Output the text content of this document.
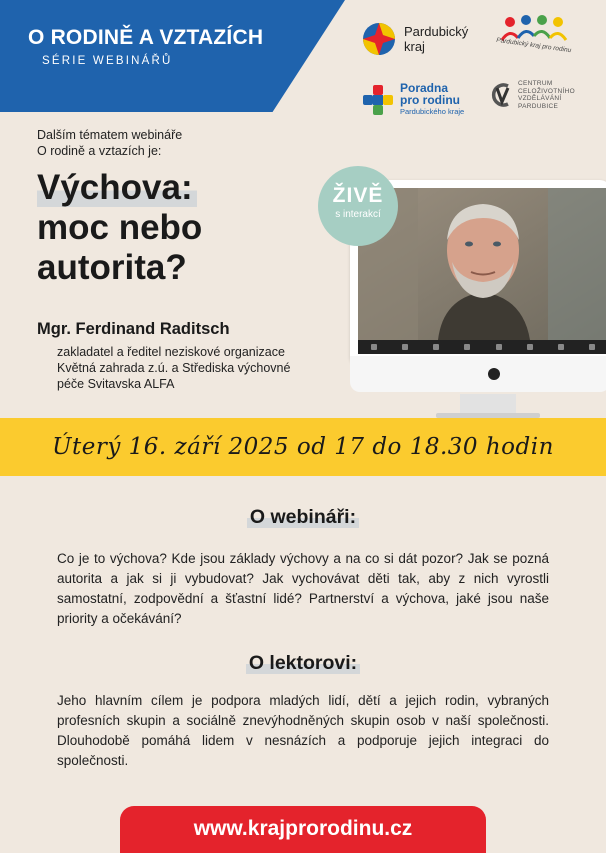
O RODINĚ A VZTAZÍCH
SÉRIE WEBINÁŘŮ
Pardubický
kraj	Pardubický kraj pro rodinu
Poradna
pro rodinu
Pardubického kraje
CENTRUM CELOŽIVOTNÍHO VZDĚLÁVÁNÍ PARDUBICE
Dalším tématem webináře
O rodině a vztazích je:
Výchova:
moc nebo
autorita?
Mgr. Ferdinand Raditsch
zakladatel a ředitel neziskové organizace
Květná zahrada z.ú. a Střediska výchovné
péče Svitavska ALFA
ŽIVĚ
s interakcí
Úterý 16. září 2025 od 17 do 18.30 hodin
O webináři:
Co je to výchova? Kde jsou základy výchovy a na co si dát pozor? Jak se pozná autorita a jak si ji vybudovat? Jak vychovávat děti tak, aby z nich vyrostli samostatní, zodpovědní a šťastní lidé? Partnerství a výchova, jaké jsou naše priority a očekávání?
O lektorovi:
Jeho hlavním cílem je podpora mladých lidí, dětí a jejich rodin, vybraných profesních skupin a sociálně znevýhodněných skupin osob v naší společnosti. Dlouhodobě pomáhá lidem v nesnázích a podporuje jejich integraci do společnosti.
www.krajprorodinu.cz
